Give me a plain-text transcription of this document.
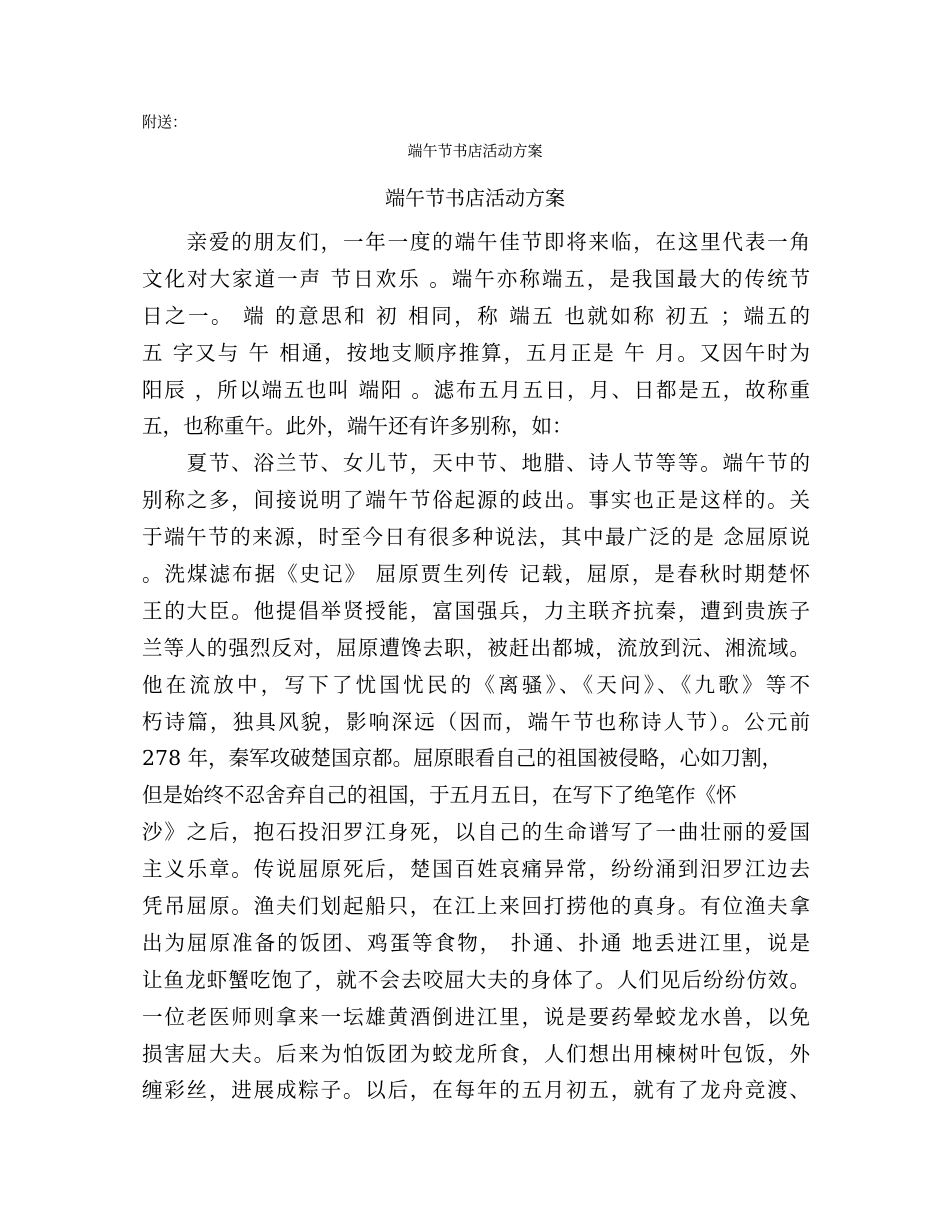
附送：
端午节书店活动方案
端午节书店活动方案
　　亲爱的朋友们，一年一度的端午佳节即将来临，在这里代表一角
文化对大家道一声 节日欢乐 。端午亦称端五，是我国最大的传统节
日之一。 端 的意思和 初 相同，称 端五 也就如称 初五 ；端五的
五 字又与 午 相通，按地支顺序推算，五月正是 午 月。又因午时为
阳辰 ，所以端五也叫 端阳 。滤布五月五日，月、日都是五，故称重
五，也称重午。此外，端午还有许多别称，如：
　　夏节、浴兰节、女儿节，天中节、地腊、诗人节等等。端午节的
别称之多，间接说明了端午节俗起源的歧出。事实也正是这样的。关
于端午节的来源，时至今日有很多种说法，其中最广泛的是 念屈原说
。洗煤滤布据《史记》 屈原贾生列传 记载，屈原，是春秋时期楚怀
王的大臣。他提倡举贤授能，富国强兵，力主联齐抗秦，遭到贵族子
兰等人的强烈反对，屈原遭馋去职，被赶出都城，流放到沅、湘流域。
他在流放中，写下了忧国忧民的《离骚》、《天问》、《九歌》等不
朽诗篇，独具风貌，影响深远（因而，端午节也称诗人节）。公元前
278 年，秦军攻破楚国京都。屈原眼看自己的祖国被侵略，心如刀割，
但是始终不忍舍弃自己的祖国，于五月五日，在写下了绝笔作《怀
沙》之后，抱石投汨罗江身死，以自己的生命谱写了一曲壮丽的爱国
主义乐章。传说屈原死后，楚国百姓哀痛异常，纷纷涌到汨罗江边去
凭吊屈原。渔夫们划起船只，在江上来回打捞他的真身。有位渔夫拿
出为屈原准备的饭团、鸡蛋等食物， 扑通、扑通 地丢进江里，说是
让鱼龙虾蟹吃饱了，就不会去咬屈大夫的身体了。人们见后纷纷仿效。
一位老医师则拿来一坛雄黄酒倒进江里，说是要药晕蛟龙水兽，以免
损害屈大夫。后来为怕饭团为蛟龙所食，人们想出用楝树叶包饭，外
缠彩丝，进展成粽子。以后，在每年的五月初五，就有了龙舟竞渡、
